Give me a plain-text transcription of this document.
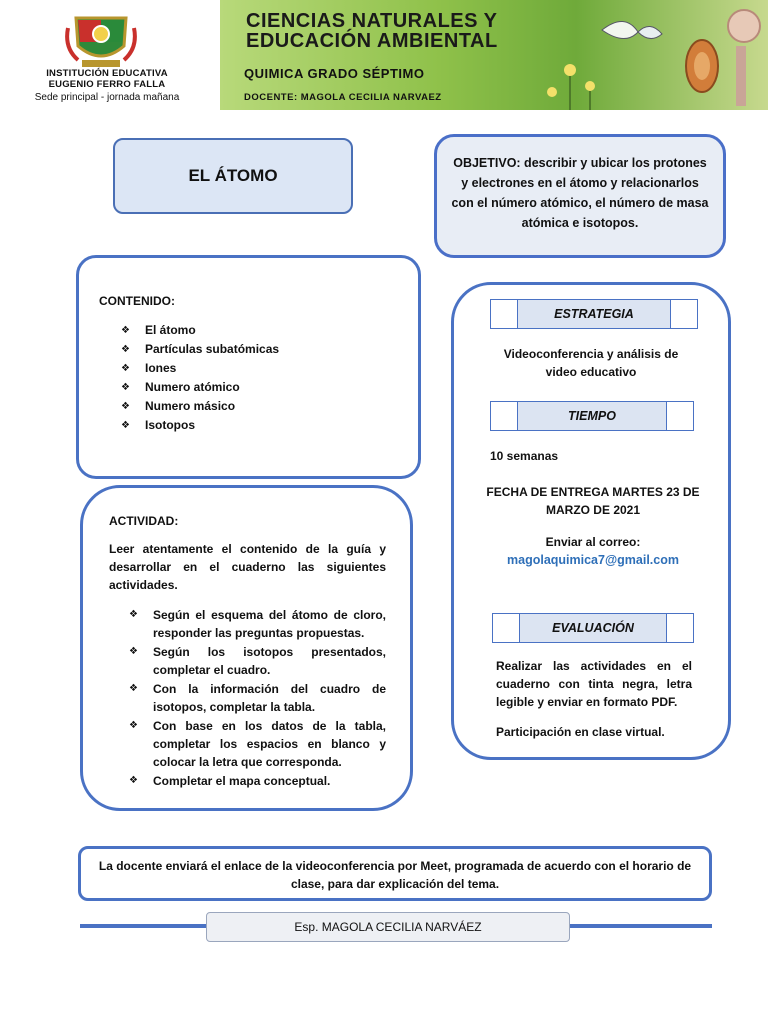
INSTITUCIÓN EDUCATIVA
EUGENIO FERRO FALLA
Sede principal - jornada mañana
CIENCIAS NATURALES Y
EDUCACIÓN AMBIENTAL
QUIMICA GRADO SÉPTIMO
DOCENTE: MAGOLA CECILIA NARVAEZ
EL ÁTOMO

OBJETIVO: describir y ubicar los protones y electrones en el átomo y relacionarlos con el número atómico, el número de masa atómica e isotopos.

CONTENIDO:
❖ El átomo
❖ Partículas subatómicas
❖ Iones
❖ Numero atómico
❖ Numero másico
❖ Isotopos
ACTIVIDAD:
Leer atentamente el contenido de la guía y desarrollar en el cuaderno las siguientes actividades.
❖ Según el esquema del átomo de cloro, responder las preguntas propuestas.
❖ Según los isotopos presentados, completar el cuadro.
❖ Con la información del cuadro de isotopos, completar la tabla.
❖ Con base en los datos de la tabla, completar los espacios en blanco y colocar la letra que corresponda.
❖ Completar el mapa conceptual.
ESTRATEGIA
Videoconferencia y análisis de video educativo
TIEMPO
10 semanas
FECHA DE ENTREGA MARTES 23 DE MARZO DE 2021
Enviar al correo:
magolaquimica7@gmail.com
EVALUACIÓN
Realizar las actividades en el cuaderno con tinta negra, letra legible y enviar en formato PDF.
Participación en clase virtual.

La docente enviará el enlace de la videoconferencia por Meet, programada de acuerdo con el horario de clase, para dar explicación del tema.

Esp. MAGOLA CECILIA NARVÁEZ
